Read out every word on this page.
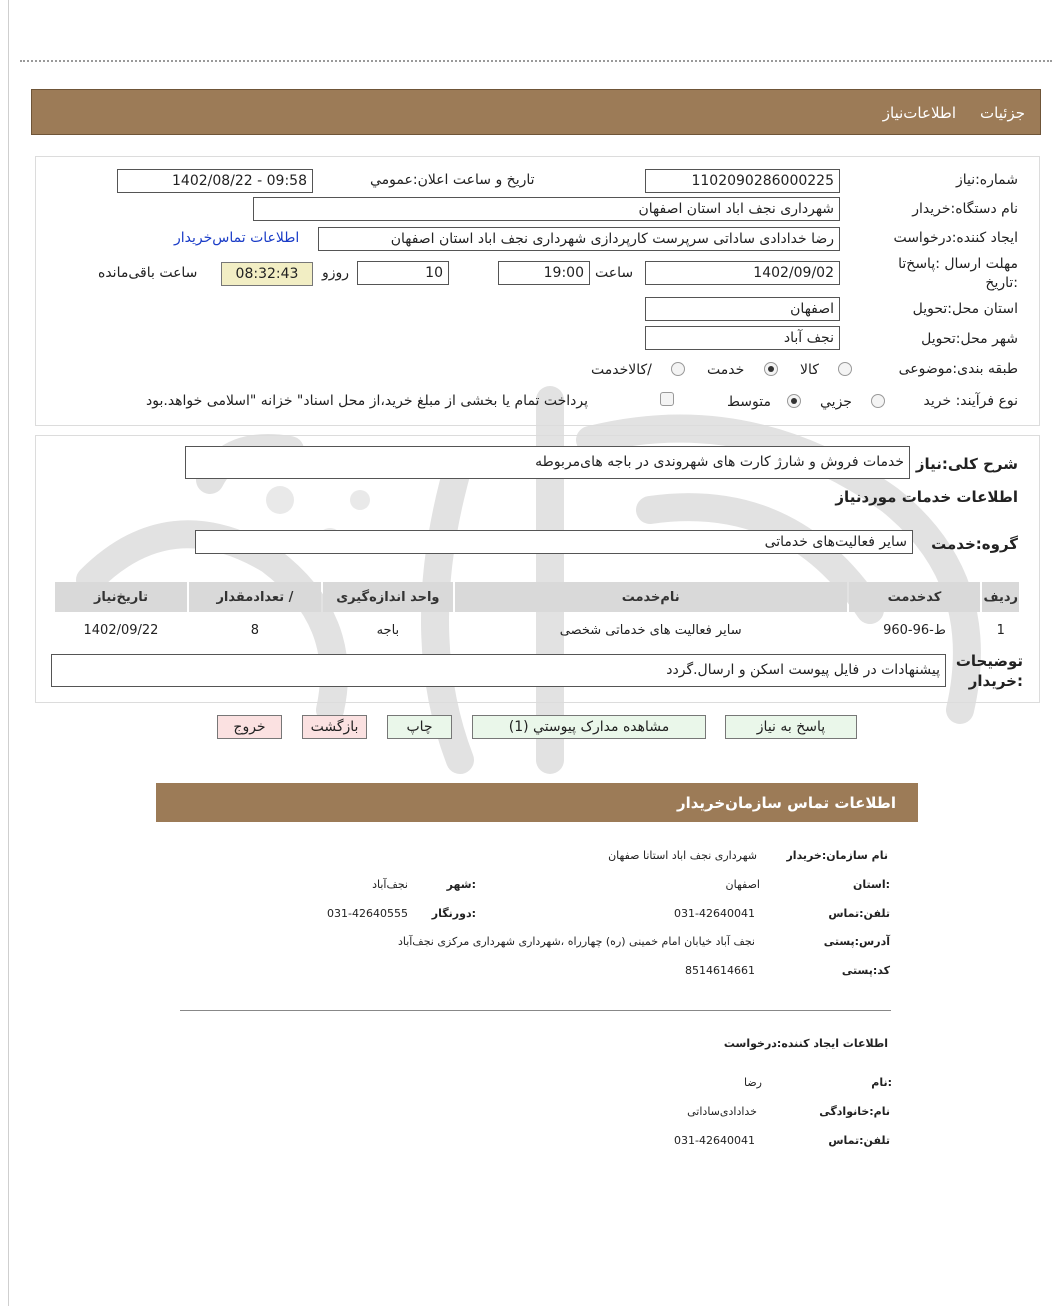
جزئیات
اطلاعات‌نیاز
شماره:نیاز
1102090286000225
تاریخ و ساعت اعلان:عمومي
1402/08/22 - 09:58
نام دستگاه:خریدار
شهرداری نجف اباد استان اصفهان
ایجاد کننده:درخواست
رضا خدادادی ساداتی سرپرست کارپردازی شهرداری نجف اباد استان اصفهان
اطلاعات تماس‌خریدار
مهلت ارسال :پاسخ‌تا
:تاریخ
1402/09/02
ساعت
19:00
10
روزو
08:32:43
ساعت باقی‌مانده
استان محل:تحویل
اصفهان
شهر محل:تحویل
نجف آباد
طبقه بندی:موضوعی
کالا
خدمت
/کالاخدمت
نوع فرآیند: خرید
جزیي
متوسط
پرداخت تمام یا بخشی از مبلغ خرید،از محل اسناد" خزانه "اسلامی خواهد.بود
شرح کلی:نیاز
خدمات فروش و شارژ کارت های شهروندی در باجه های‌مربوطه
اطلاعات خدمات موردنیاز
گروه:خدمت
سایر فعالیت‌های خدماتی
ردیف	کدخدمت	نام‌خدمت	واحد اندازه‌گیری	/ تعدادمقدار	تاریخ‌نیاز
1	ط-96-960	سایر فعالیت های خدماتی شخصی	باجه	8	1402/09/22
توضیحات
:خریدار
پیشنهادات در فایل پیوست اسکن و ارسال.گردد
پاسخ به نیاز
مشاهده مدارک پیوستي (1)
چاپ
بازگشت
خروج
اطلاعات تماس سازمان‌خریدار
نام سازمان:خریدار
شهرداری نجف اباد استانا صفهان
:استان
اصفهان
:شهر
نجف‌آباد
تلفن:تماس
031-42640041
:دورنگار
031-42640555
آدرس:پستی
نجف آباد خیابان امام خمینی (ره) چهارراه ،شهرداری شهرداری مرکزی نجف‌آباد
کد:پستی
8514614661
اطلاعات ایجاد کننده:درخواست
:نام
رضا
نام:خانوادگی
خدادادی‌ساداتی
تلفن:تماس
031-42640041
